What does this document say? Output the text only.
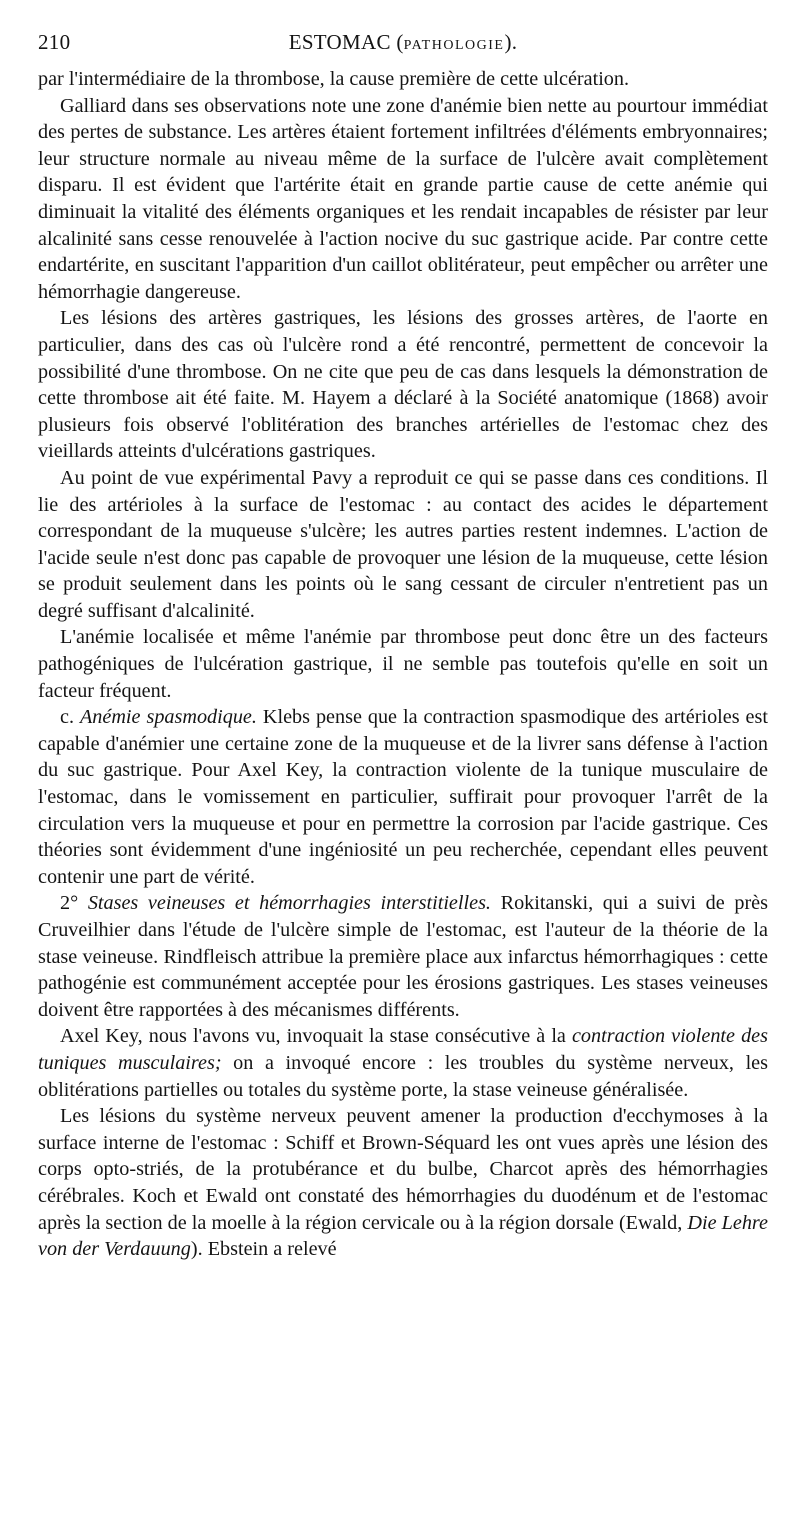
210	ESTOMAC (PATHOLOGIE).

par l'intermédiaire de la thrombose, la cause première de cette ulcération.

Galliard dans ses observations note une zone d'anémie bien nette au pourtour immédiat des pertes de substance. Les artères étaient fortement infiltrées d'éléments embryonnaires; leur structure normale au niveau même de la surface de l'ulcère avait complètement disparu. Il est évident que l'artérite était en grande partie cause de cette anémie qui diminuait la vitalité des éléments organiques et les rendait incapables de résister par leur alcalinité sans cesse renouvelée à l'action nocive du suc gastrique acide. Par contre cette endartérite, en suscitant l'apparition d'un caillot oblitérateur, peut empêcher ou arrêter une hémorrhagie dangereuse.

Les lésions des artères gastriques, les lésions des grosses artères, de l'aorte en particulier, dans des cas où l'ulcère rond a été rencontré, permettent de concevoir la possibilité d'une thrombose. On ne cite que peu de cas dans lesquels la démonstration de cette thrombose ait été faite. M. Hayem a déclaré à la Société anatomique (1868) avoir plusieurs fois observé l'oblitération des branches artérielles de l'estomac chez des vieillards atteints d'ulcérations gastriques.

Au point de vue expérimental Pavy a reproduit ce qui se passe dans ces conditions. Il lie des artérioles à la surface de l'estomac : au contact des acides le département correspondant de la muqueuse s'ulcère; les autres parties restent indemnes. L'action de l'acide seule n'est donc pas capable de provoquer une lésion de la muqueuse, cette lésion se produit seulement dans les points où le sang cessant de circuler n'entretient pas un degré suffisant d'alcalinité.

L'anémie localisée et même l'anémie par thrombose peut donc être un des facteurs pathogéniques de l'ulcération gastrique, il ne semble pas toutefois qu'elle en soit un facteur fréquent.

c. Anémie spasmodique. Klebs pense que la contraction spasmodique des artérioles est capable d'anémier une certaine zone de la muqueuse et de la livrer sans défense à l'action du suc gastrique. Pour Axel Key, la contraction violente de la tunique musculaire de l'estomac, dans le vomissement en particulier, suffirait pour provoquer l'arrêt de la circulation vers la muqueuse et pour en permettre la corrosion par l'acide gastrique. Ces théories sont évidemment d'une ingéniosité un peu recherchée, cependant elles peuvent contenir une part de vérité.

2° Stases veineuses et hémorrhagies interstitielles. Rokitanski, qui a suivi de près Cruveilhier dans l'étude de l'ulcère simple de l'estomac, est l'auteur de la théorie de la stase veineuse. Rindfleisch attribue la première place aux infarctus hémorrhagiques : cette pathogénie est communément acceptée pour les érosions gastriques. Les stases veineuses doivent être rapportées à des mécanismes différents.

Axel Key, nous l'avons vu, invoquait la stase consécutive à la contraction violente des tuniques musculaires; on a invoqué encore : les troubles du système nerveux, les oblitérations partielles ou totales du système porte, la stase veineuse généralisée.

Les lésions du système nerveux peuvent amener la production d'ecchymoses à la surface interne de l'estomac : Schiff et Brown-Séquard les ont vues après une lésion des corps opto-striés, de la protubérance et du bulbe, Charcot après des hémorrhagies cérébrales. Koch et Ewald ont constaté des hémorrhagies du duodénum et de l'estomac après la section de la moelle à la région cervicale ou à la région dorsale (Ewald, Die Lehre von der Verdauung). Ebstein a relevé
